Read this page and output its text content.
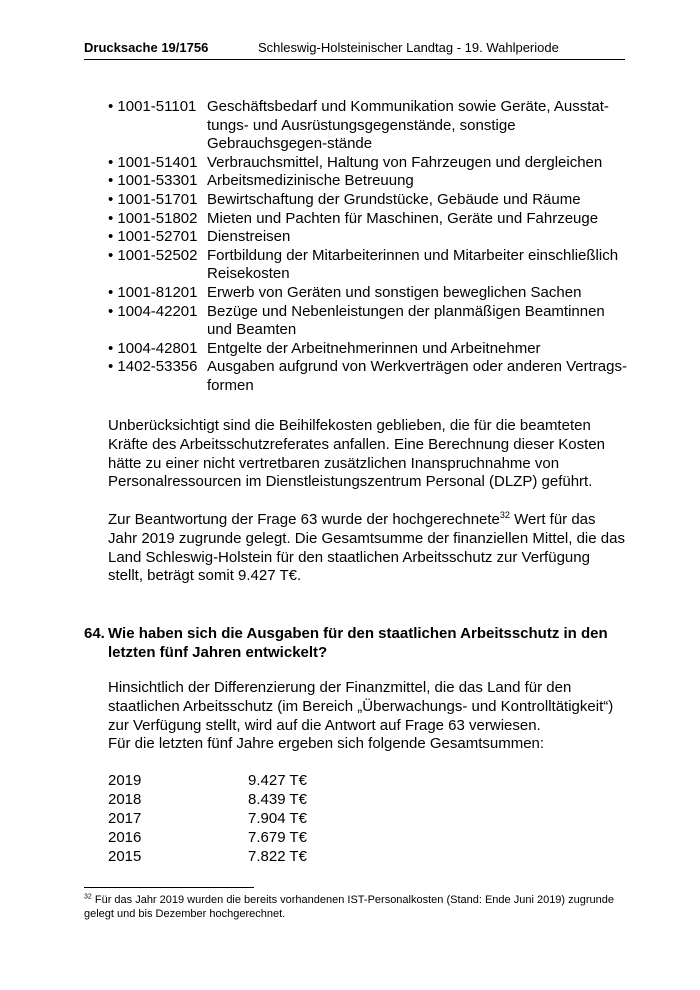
Drucksache 19/1756	Schleswig-Holsteinischer Landtag - 19. Wahlperiode
• 1001-51101 Geschäftsbedarf und Kommunikation sowie Geräte, Ausstat-tungs- und Ausrüstungsgegenstände, sonstige Gebrauchsgegen-stände
• 1001-51401 Verbrauchsmittel, Haltung von Fahrzeugen und dergleichen
• 1001-53301 Arbeitsmedizinische Betreuung
• 1001-51701 Bewirtschaftung der Grundstücke, Gebäude und Räume
• 1001-51802 Mieten und Pachten für Maschinen, Geräte und Fahrzeuge
• 1001-52701 Dienstreisen
• 1001-52502 Fortbildung der Mitarbeiterinnen und Mitarbeiter einschließlich Reisekosten
• 1001-81201 Erwerb von Geräten und sonstigen beweglichen Sachen
• 1004-42201 Bezüge und Nebenleistungen der planmäßigen Beamtinnen und Beamten
• 1004-42801 Entgelte der Arbeitnehmerinnen und Arbeitnehmer
• 1402-53356 Ausgaben aufgrund von Werkverträgen oder anderen Vertrags-formen

Unberücksichtigt sind die Beihilfekosten geblieben, die für die beamteten Kräfte des Arbeitsschutzreferates anfallen. Eine Berechnung dieser Kosten hätte zu einer nicht vertretbaren zusätzlichen Inanspruchnahme von Personalressourcen im Dienstleistungszentrum Personal (DLZP) geführt.

Zur Beantwortung der Frage 63 wurde der hochgerechnete$^{32}$ Wert für das Jahr 2019 zugrunde gelegt. Die Gesamtsumme der finanziellen Mittel, die das Land Schleswig-Holstein für den staatlichen Arbeitsschutz zur Verfügung stellt, beträgt somit 9.427 T€.

64. Wie haben sich die Ausgaben für den staatlichen Arbeitsschutz in den letzten fünf Jahren entwickelt?
Hinsichtlich der Differenzierung der Finanzmittel, die das Land für den staatlichen Arbeitsschutz (im Bereich „Überwachungs- und Kontrolltätigkeit“) zur Verfügung stellt, wird auf die Antwort auf Frage 63 verwiesen.
Für die letzten fünf Jahre ergeben sich folgende Gesamtsummen:
2019	9.427 T€
2018	8.439 T€
2017	7.904 T€
2016	7.679 T€
2015	7.822 T€

$^{32}$ Für das Jahr 2019 wurden die bereits vorhandenen IST-Personalkosten (Stand: Ende Juni 2019) zugrunde gelegt und bis Dezember hochgerechnet.
